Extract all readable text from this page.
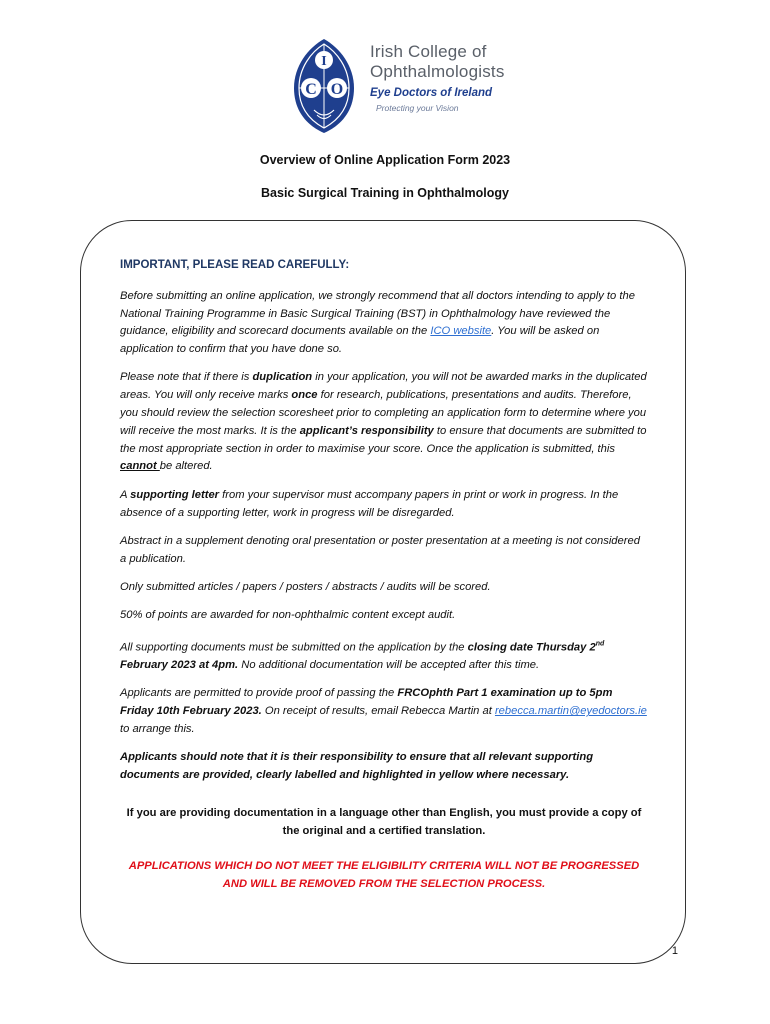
I
C O
Irish College of
Ophthalmologists
Eye Doctors of Ireland
Protecting your Vision
Overview of Online Application Form 2023
Basic Surgical Training in Ophthalmology

IMPORTANT, PLEASE READ CAREFULLY:

Before submitting an online application, we strongly recommend that all doctors intending to apply to the National Training Programme in Basic Surgical Training (BST) in Ophthalmology have reviewed the guidance, eligibility and scorecard documents available on the ICO website. You will be asked on application to confirm that you have done so.

Please note that if there is duplication in your application, you will not be awarded marks in the duplicated areas. You will only receive marks once for research, publications, presentations and audits. Therefore, you should review the selection scoresheet prior to completing an application form to determine where you will receive the most marks. It is the applicant’s responsibility to ensure that documents are submitted to the most appropriate section in order to maximise your score. Once the application is submitted, this cannot be altered.

A supporting letter from your supervisor must accompany papers in print or work in progress. In the absence of a supporting letter, work in progress will be disregarded.

Abstract in a supplement denoting oral presentation or poster presentation at a meeting is not considered a publication.

Only submitted articles / papers / posters / abstracts / audits will be scored.

50% of points are awarded for non-ophthalmic content except audit.

All supporting documents must be submitted on the application by the closing date Thursday 2nd February 2023 at 4pm. No additional documentation will be accepted after this time.

Applicants are permitted to provide proof of passing the FRCOphth Part 1 examination up to 5pm Friday 10th February 2023. On receipt of results, email Rebecca Martin at rebecca.martin@eyedoctors.ie to arrange this.

Applicants should note that it is their responsibility to ensure that all relevant supporting documents are provided, clearly labelled and highlighted in yellow where necessary.

If you are providing documentation in a language other than English, you must provide a copy of the original and a certified translation.

APPLICATIONS WHICH DO NOT MEET THE ELIGIBILITY CRITERIA WILL NOT BE PROGRESSED AND WILL BE REMOVED FROM THE SELECTION PROCESS.

1
